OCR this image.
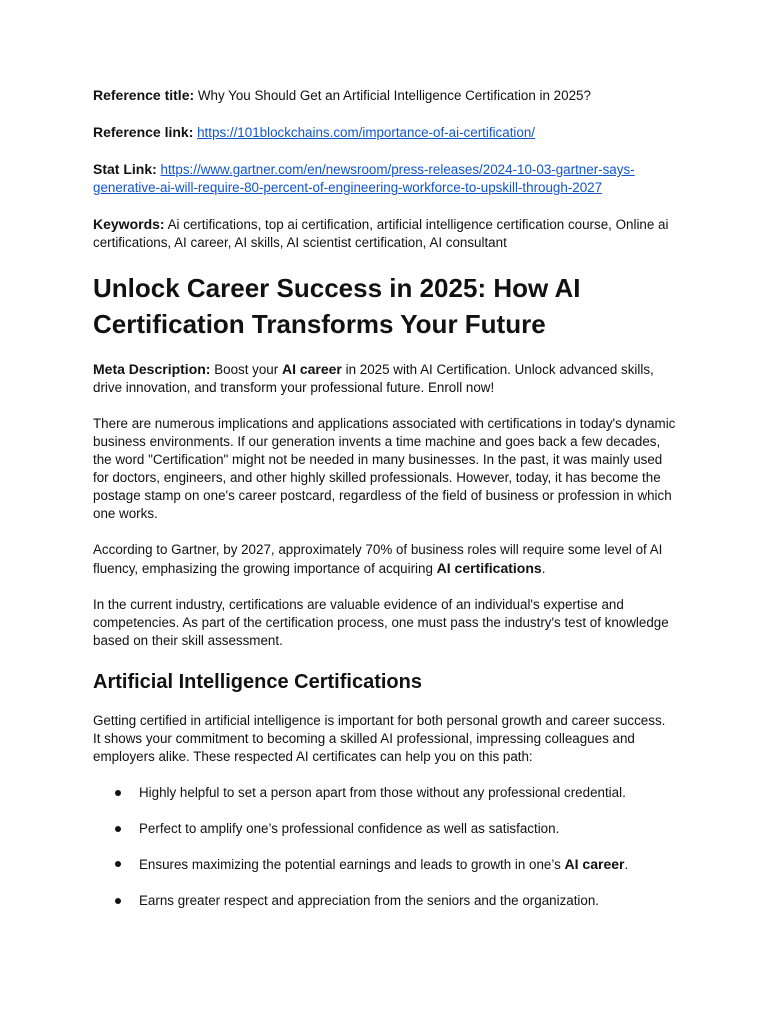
Reference title: Why You Should Get an Artificial Intelligence Certification in 2025?

Reference link: https://101blockchains.com/importance-of-ai-certification/

Stat Link: https://www.gartner.com/en/newsroom/press-releases/2024-10-03-gartner-says-generative-ai-will-require-80-percent-of-engineering-workforce-to-upskill-through-2027

Keywords: Ai certifications, top ai certification, artificial intelligence certification course, Online ai certifications, AI career, AI skills, AI scientist certification, AI consultant

Unlock Career Success in 2025: How AI Certification Transforms Your Future

Meta Description: Boost your AI career in 2025 with AI Certification. Unlock advanced skills, drive innovation, and transform your professional future. Enroll now!

There are numerous implications and applications associated with certifications in today's dynamic business environments. If our generation invents a time machine and goes back a few decades, the word "Certification" might not be needed in many businesses. In the past, it was mainly used for doctors, engineers, and other highly skilled professionals. However, today, it has become the postage stamp on one's career postcard, regardless of the field of business or profession in which one works.

According to Gartner, by 2027, approximately 70% of business roles will require some level of AI fluency, emphasizing the growing importance of acquiring AI certifications.

In the current industry, certifications are valuable evidence of an individual's expertise and competencies. As part of the certification process, one must pass the industry's test of knowledge based on their skill assessment.

Artificial Intelligence Certifications

Getting certified in artificial intelligence is important for both personal growth and career success. It shows your commitment to becoming a skilled AI professional, impressing colleagues and employers alike. These respected AI certificates can help you on this path:

Highly helpful to set a person apart from those without any professional credential.
Perfect to amplify one’s professional confidence as well as satisfaction.
Ensures maximizing the potential earnings and leads to growth in one’s AI career.
Earns greater respect and appreciation from the seniors and the organization.
